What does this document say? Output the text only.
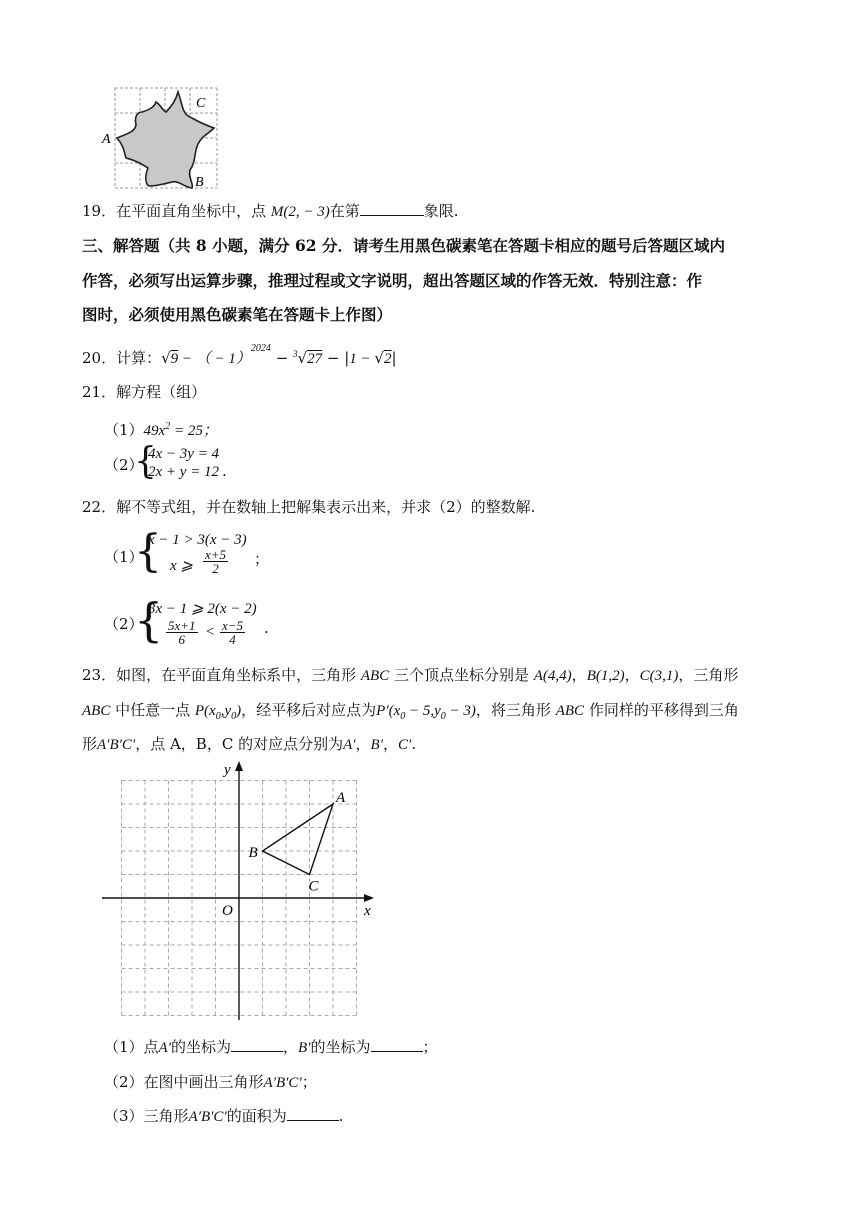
A
C
B
19．在平面直角坐标中，点 M(2, − 3)在第	象限.
三、解答题（共 8 小题，满分 62 分．请考生用黑色碳素笔在答题卡相应的题号后答题区域内
作答，必须写出运算步骤，推理过程或文字说明，超出答题区域的作答无效．特别注意：作
图时，必须使用黑色碳素笔在答题卡上作图）
20．计算：√9 − （ − 1）$^{2024}$ − $^3$√27 − |1 − √2|
21．解方程（组）
$(1)49x^2 = 25$；
（2）
{
4x − 3y = 4
2x + y = 12 .
22．解不等式组，并在数轴上把解集表示出来，并求（2）的整数解.
（1）
{
x − 1 > 3(x − 3)
x ⩾ $\frac{x+5}{2}$ ；
（2）
{
3x − 1 ⩾ 2(x − 2)
$\frac{5x+1}{6} < \frac{x-5}{4}$ .
23．如图，在平面直角坐标系中，三角形 ABC 三个顶点坐标分别是 A(4,4)，B(1,2)，C(3,1)，三角形
ABC 中任意一点 $P(x_0,y_0)$，经平移后对应点为$P'(x_0 - 5,y_0 - 3)$，将三角形 ABC 作同样的平移得到三角
形A′B′C′，点 A，B，C 的对应点分别为A′，B′，C′.
x
y
O
A
B
C
（1）点A′的坐标为	，B′的坐标为	；
（2）在图中画出三角形A′B′C′；
（3）三角形A′B′C′的面积为	.
